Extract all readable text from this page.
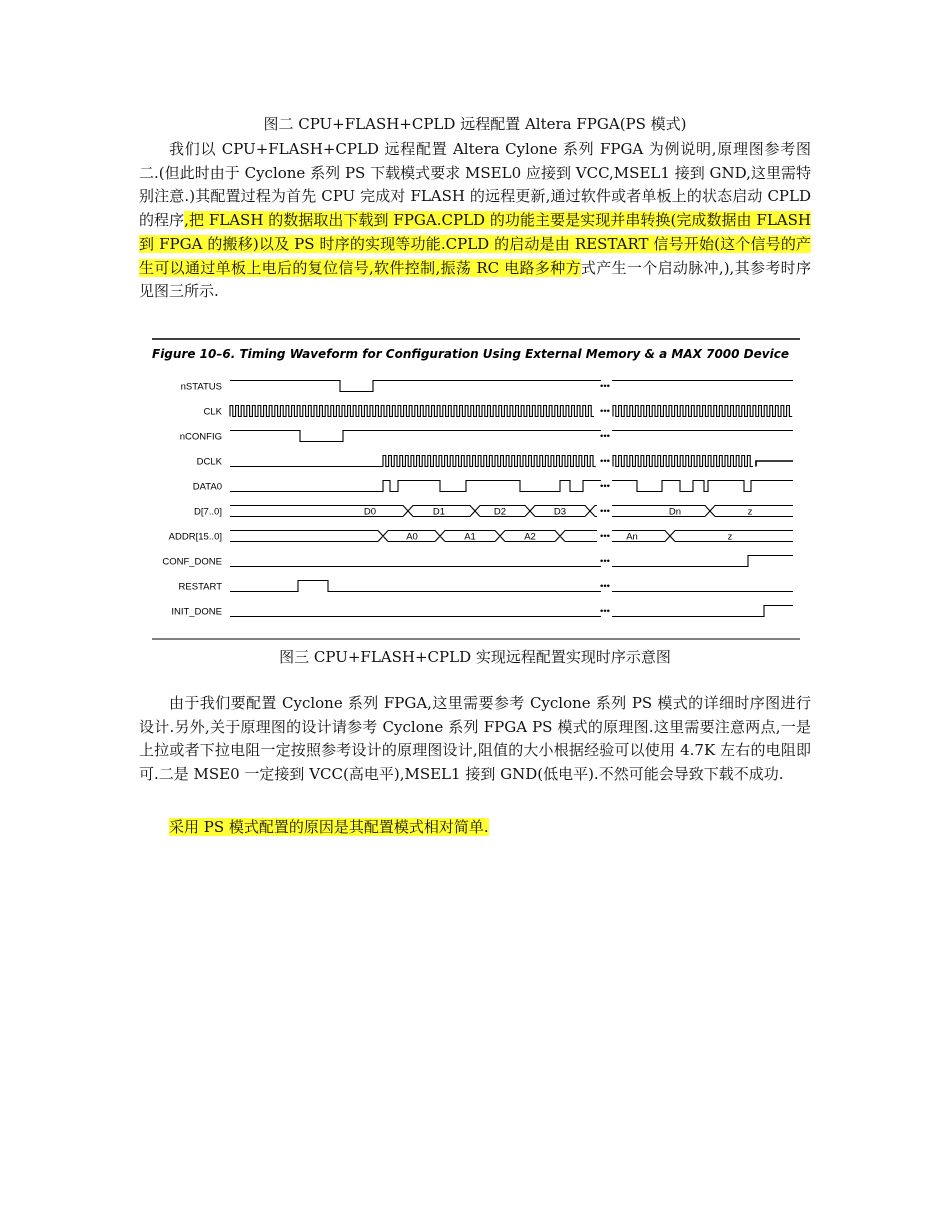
图二 CPU+FLASH+CPLD 远程配置 Altera FPGA(PS 模式)

我们以 CPU+FLASH+CPLD 远程配置 Altera Cylone 系列 FPGA 为例说明,原理图参考图二.(但此时由于 Cyclone 系列 PS 下载模式要求 MSEL0 应接到 VCC,MSEL1 接到 GND,这里需特别注意.)其配置过程为首先 CPU 完成对 FLASH 的远程更新,通过软件或者单板上的状态启动 CPLD 的程序,把 FLASH 的数据取出下载到 FPGA.CPLD 的功能主要是实现并串转换(完成数据由 FLASH 到 FPGA 的搬移)以及 PS 时序的实现等功能.CPLD 的启动是由 RESTART 信号开始(这个信号的产生可以通过单板上电后的复位信号,软件控制,振荡 RC 电路多种方式产生一个启动脉冲,),其参考时序见图三所示.

Figure 10–6. Timing Waveform for Configuration Using External Memory & a MAX 7000 Device
nSTATUS
CLK
nCONFIG
DCLK
DATA0
D[7..0]
ADDR[15..0]
CONF_DONE
RESTART
INIT_DONE
•••
•••
•••
•••
•••
D0	D1	D2	D3	Dn	z
•••
A0	A1	A2	An	z
•••
•••
•••
•••
图三 CPU+FLASH+CPLD 实现远程配置实现时序示意图

由于我们要配置 Cyclone 系列 FPGA,这里需要参考 Cyclone 系列 PS 模式的详细时序图进行设计.另外,关于原理图的设计请参考 Cyclone 系列 FPGA PS 模式的原理图.这里需要注意两点,一是上拉或者下拉电阻一定按照参考设计的原理图设计,阻值的大小根据经验可以使用 4.7K 左右的电阻即可.二是 MSE0 一定接到 VCC(高电平),MSEL1 接到 GND(低电平).不然可能会导致下载不成功.

采用 PS 模式配置的原因是其配置模式相对简单.
